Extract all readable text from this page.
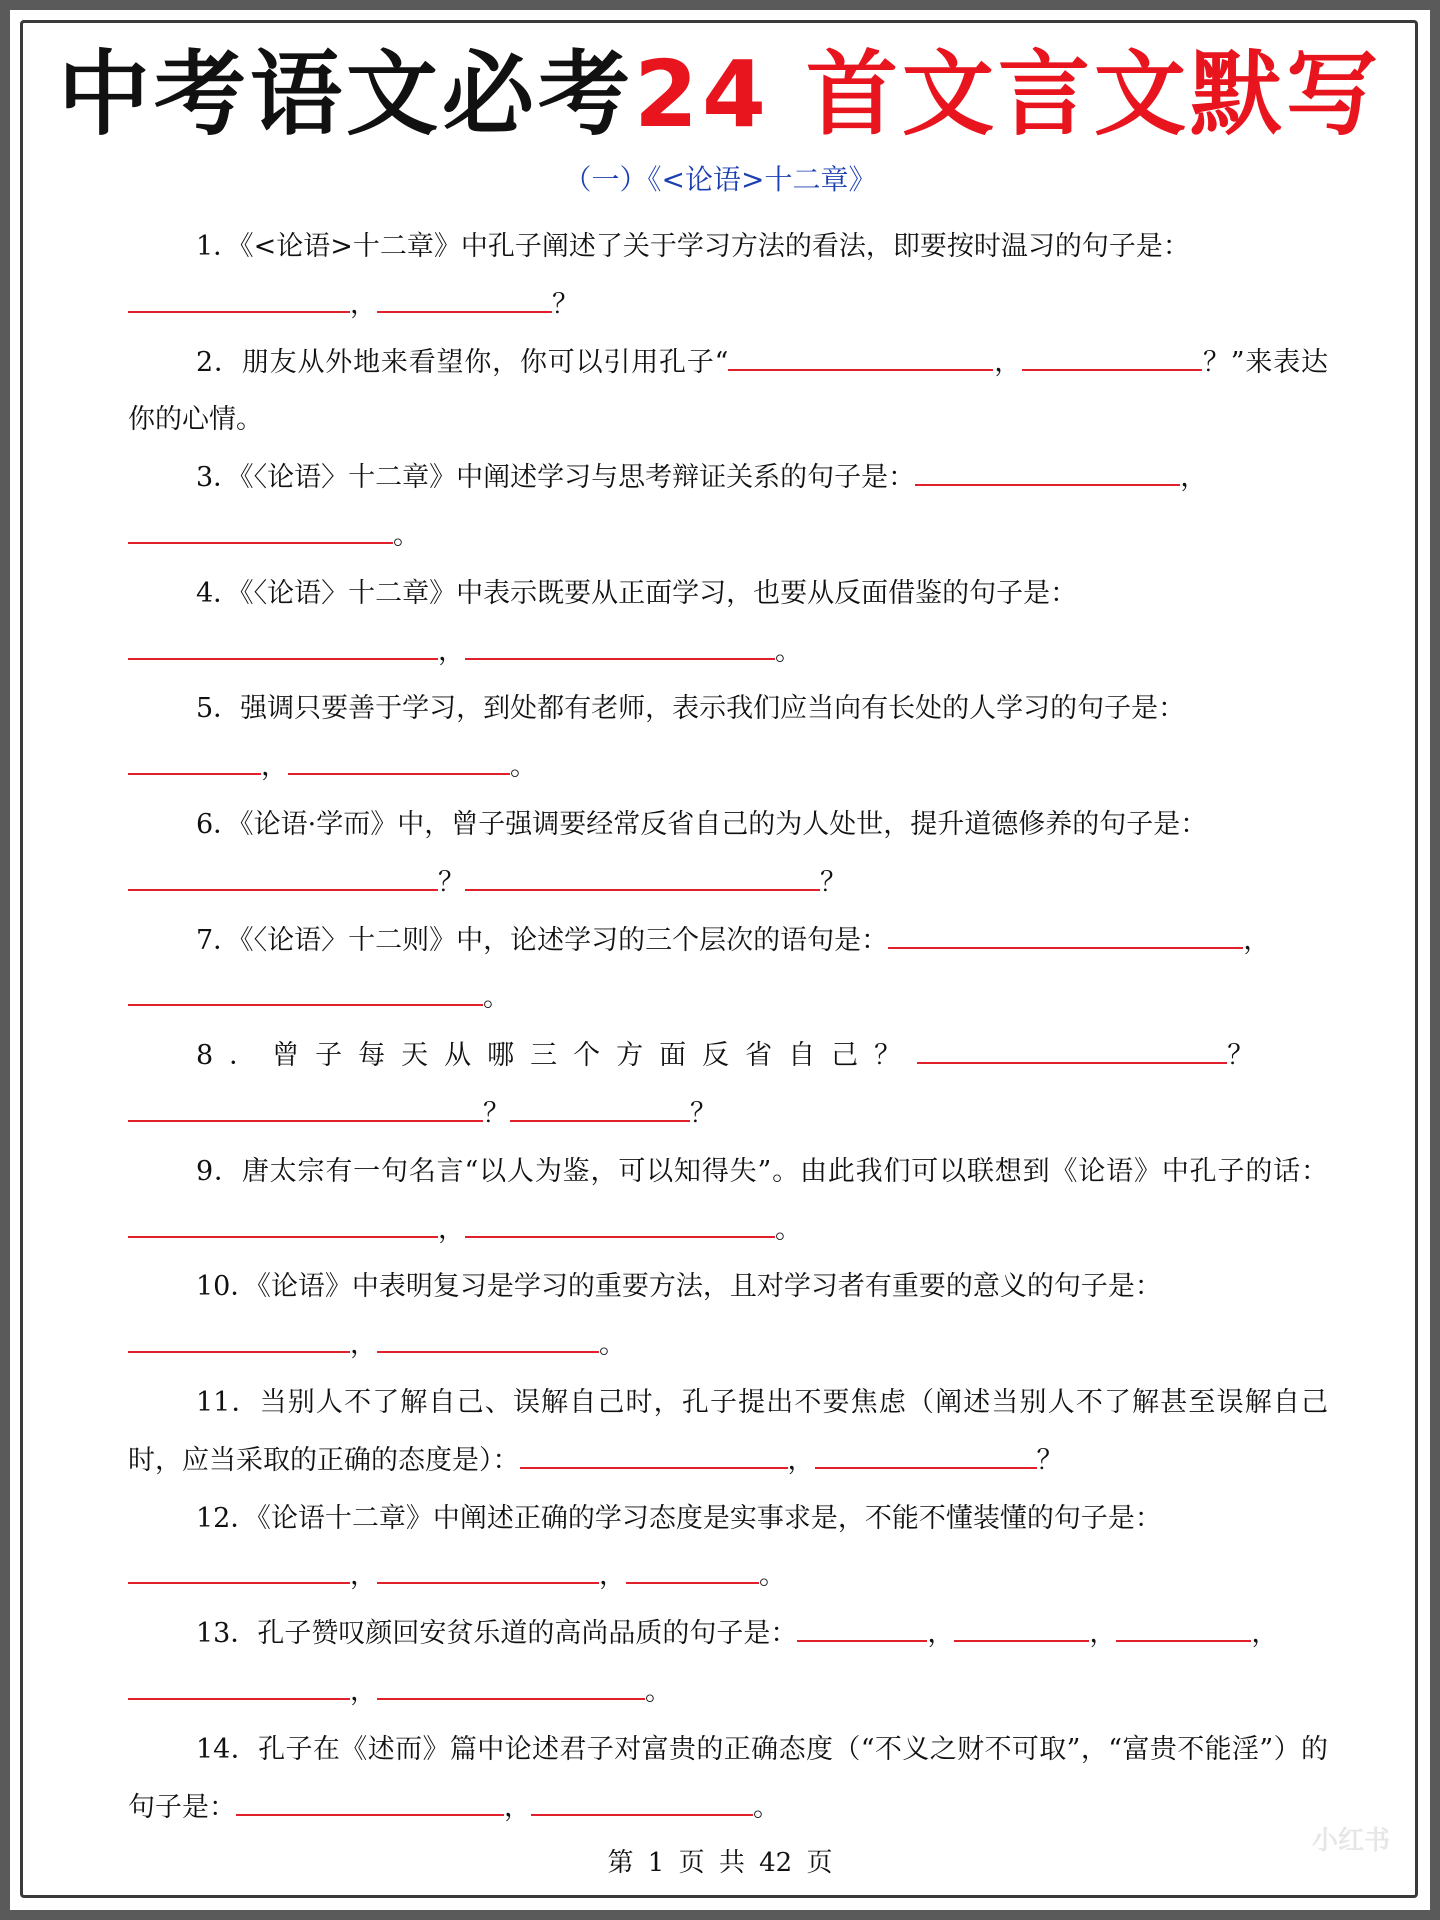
中考语文必考24 首文言文默写
（一）《<论语>十二章》

1．《<论语>十二章》中孔子阐述了关于学习方法的看法，即要按时温习的句子是：
，	？

2．朋友从外地来看望你，你可以引用孔子“	，	？”来表达你的心情。

3．《〈论语〉十二章》中阐述学习与思考辩证关系的句子是：	，
。

4．《〈论语〉十二章》中表示既要从正面学习，也要从反面借鉴的句子是：
，	。

5．强调只要善于学习，到处都有老师，表示我们应当向有长处的人学习的句子是：
，	。

6．《论语·学而》中，曾子强调要经常反省自己的为人处世，提升道德修养的句子是：
？	？

7．《〈论语〉十二则》中，论述学习的三个层次的语句是：	，
。

8．曾子每天从哪三个方面反省自己？	？
？	？

9．唐太宗有一句名言“以人为鉴，可以知得失”。由此我们可以联想到《论语》中孔子的话：，	。

10．《论语》中表明复习是学习的重要方法，且对学习者有重要的意义的句子是：
，	。

11．当别人不了解自己、误解自己时，孔子提出不要焦虑（阐述当别人不了解甚至误解自己时，应当采取的正确的态度是）：	，	？

12．《论语十二章》中阐述正确的学习态度是实事求是，不能不懂装懂的句子是：
，	，	。

13．孔子赞叹颜回安贫乐道的高尚品质的句子是：	，	，	，
，	。

14．孔子在《述而》篇中论述君子对富贵的正确态度（“不义之财不可取”，“富贵不能淫”）的句子是：	，	。

第 1 页 共 42 页
小红书
